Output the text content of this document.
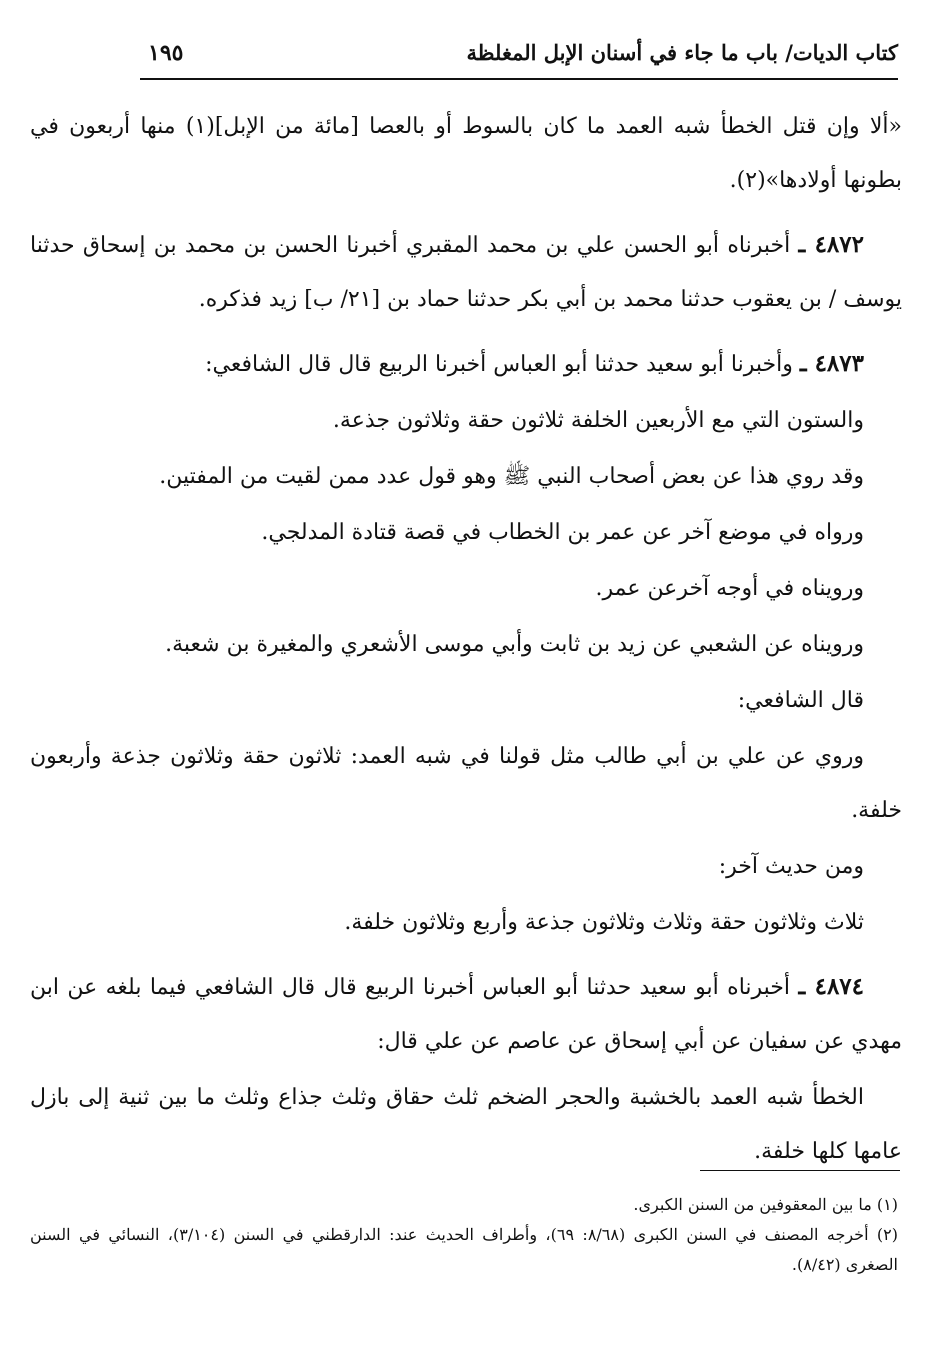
كتاب الديات/ باب ما جاء في أسنان الإبل المغلظة
١٩٥

«ألا وإن قتل الخطأ شبه العمد ما كان بالسوط أو بالعصا [مائة من الإبل](١) منها أربعون في بطونها أولادها»(٢).

٤٨٧٢ ـ أخبرناه أبو الحسن علي بن محمد المقبري أخبرنا الحسن بن محمد بن إسحاق حدثنا يوسف / بن يعقوب حدثنا محمد بن أبي بكر حدثنا حماد بن [٢١/ ب] زيد فذكره.

٤٨٧٣ ـ وأخبرنا أبو سعيد حدثنا أبو العباس أخبرنا الربيع قال قال الشافعي:

والستون التي مع الأربعين الخلفة ثلاثون حقة وثلاثون جذعة.

وقد روي هذا عن بعض أصحاب النبي ﷺ وهو قول عدد ممن لقيت من المفتين.

ورواه في موضع آخر عن عمر بن الخطاب في قصة قتادة المدلجي.

ورويناه في أوجه آخرعن عمر.

ورويناه عن الشعبي عن زيد بن ثابت وأبي موسى الأشعري والمغيرة بن شعبة.

قال الشافعي:

وروي عن علي بن أبي طالب مثل قولنا في شبه العمد: ثلاثون حقة وثلاثون جذعة وأربعون خلفة.

ومن حديث آخر:

ثلاث وثلاثون حقة وثلاث وثلاثون جذعة وأربع وثلاثون خلفة.

٤٨٧٤ ـ أخبرناه أبو سعيد حدثنا أبو العباس أخبرنا الربيع قال قال الشافعي فيما بلغه عن ابن مهدي عن سفيان عن أبي إسحاق عن عاصم عن علي قال:

الخطأ شبه العمد بالخشبة والحجر الضخم ثلث حقاق وثلث جذاع وثلث ما بين ثنية إلى بازل عامها كلها خلفة.

(١) ما بين المعقوفين من السنن الكبرى.

(٢) أخرجه المصنف في السنن الكبرى (٨/٦٨: ٦٩)، وأطراف الحديث عند: الدارقطني في السنن (٣/١٠٤)، النسائي في السنن الصغرى (٨/٤٢).
